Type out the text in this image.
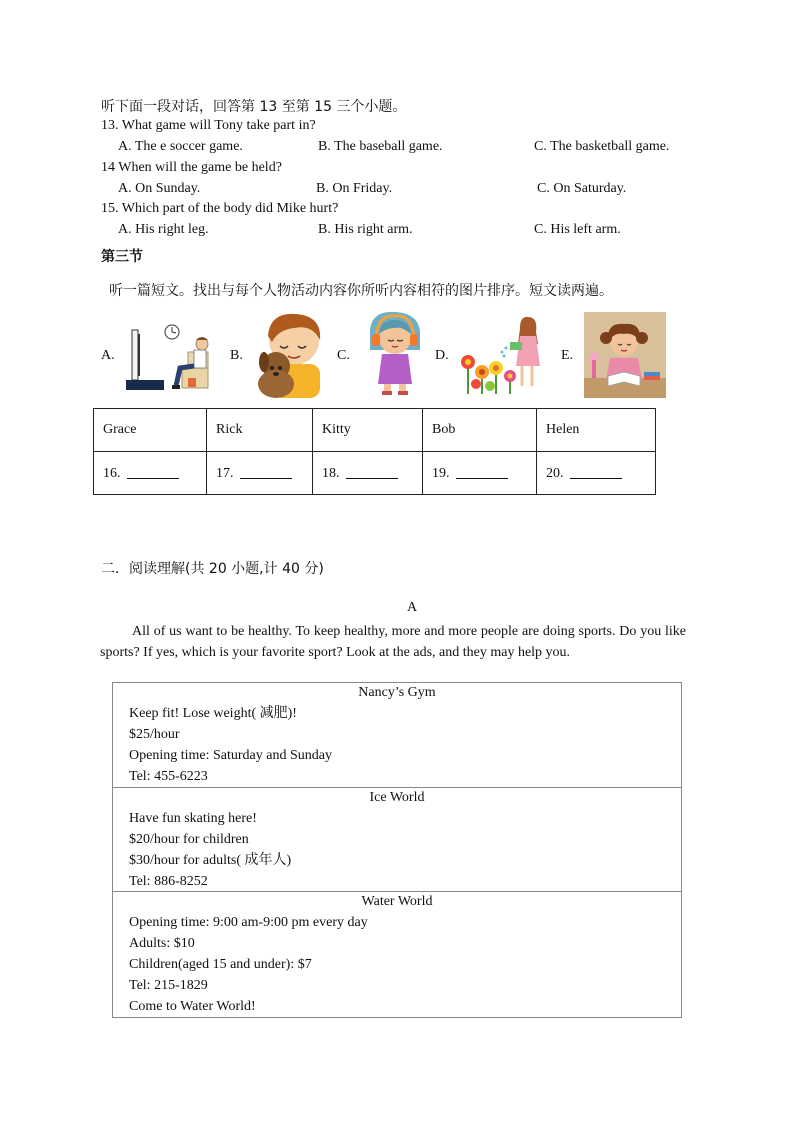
听下面一段对话，回答第 13 至第 15 三个小题。
13. What game will Tony take part in?
A. The e soccer game.	B. The baseball game.	C. The basketball game.
14 When will the game be held?
A. On Sunday.	B. On Friday.	C. On Saturday.
15. Which part of the body did Mike hurt?
A. His right leg.	B. His right arm.	C. His left arm.
第三节
听一篇短文。找出与每个人物活动内容你所听内容相符的图片排序。短文读两遍。
A.	B.	C.	D.	E.
Grace	Rick	Kitty	Bob	Helen
16.	17.	18.	19.	20.
二．阅读理解(共 20 小题,计 40 分)
A
All of us want to be healthy. To keep healthy, more and more people are doing sports. Do you like sports? If yes, which is your favorite sport? Look at the ads, and they may help you.
Nancy’s Gym
Keep fit! Lose weight( 减肥)!
$25/hour
Opening time: Saturday and Sunday
Tel: 455-6223
Ice World
Have fun skating here!
$20/hour for children
$30/hour for adults( 成年人)
Tel: 886-8252
Water World
Opening time: 9:00 am-9:00 pm every day
Adults: $10
Children(aged 15 and under): $7
Tel: 215-1829
Come to Water World!
